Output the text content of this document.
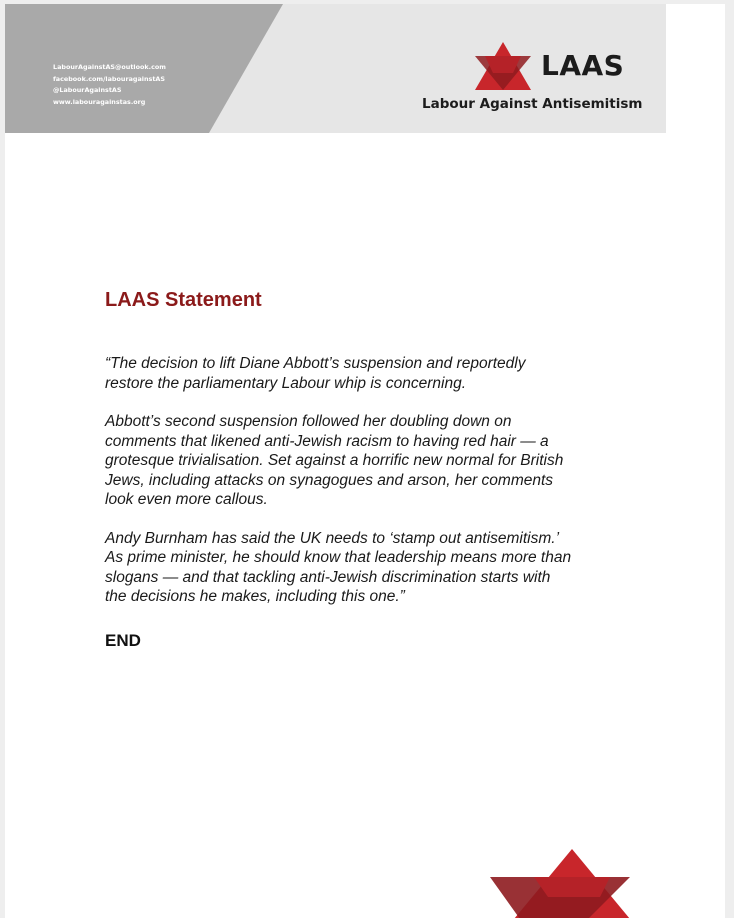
LabourAgainstAS@outlook.com
facebook.com/labouragainstAS
@LabourAgainstAS
www.labouragainstas.org
LAAS
Labour Against Antisemitism
LAAS Statement

“The decision to lift Diane Abbott’s suspension and reportedly restore the parliamentary Labour whip is concerning.

Abbott’s second suspension followed her doubling down on comments that likened anti-Jewish racism to having red hair — a grotesque trivialisation. Set against a horrific new normal for British Jews, including attacks on synagogues and arson, her comments look even more callous.

Andy Burnham has said the UK needs to ‘stamp out antisemitism.’ As prime minister, he should know that leadership means more than slogans — and that tackling anti-Jewish discrimination starts with the decisions he makes, including this one.”

END
